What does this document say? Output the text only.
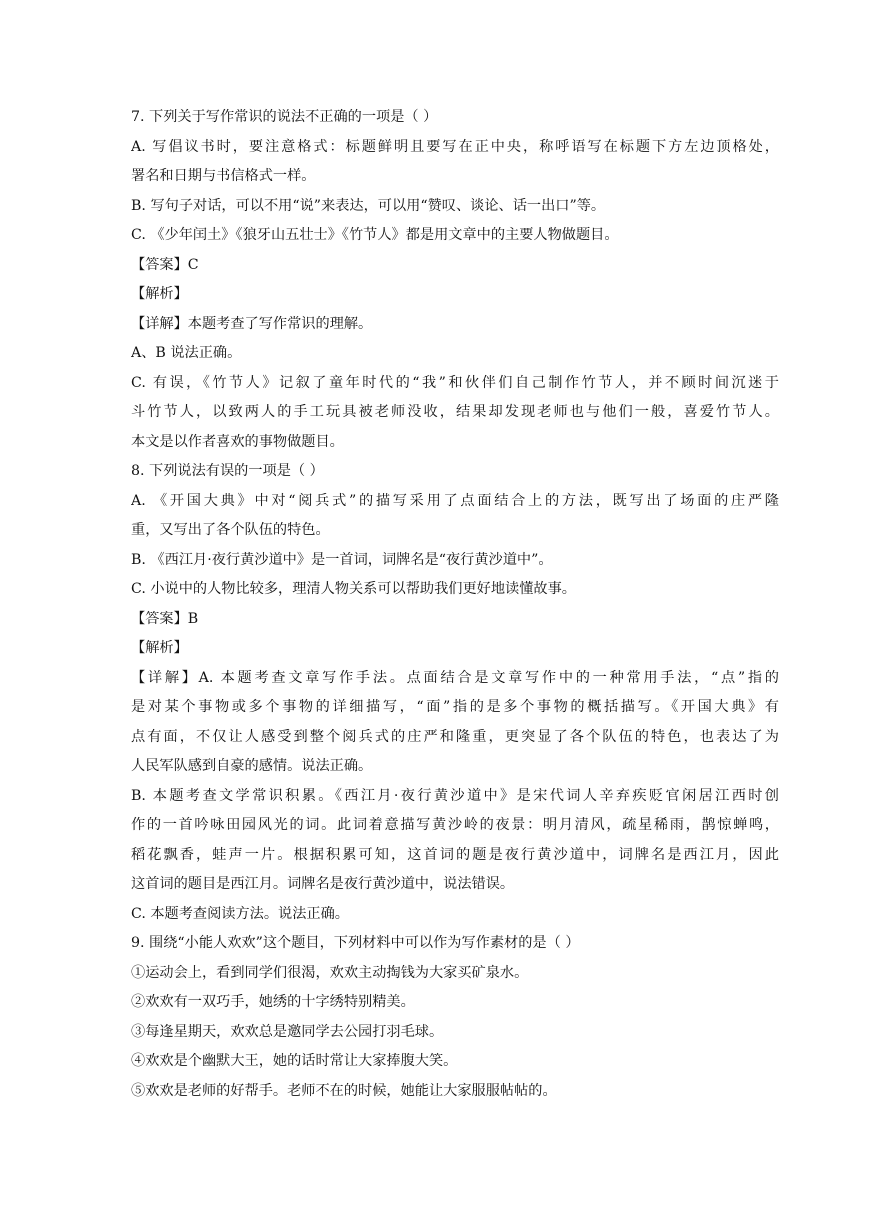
7. 下列关于写作常识的说法不正确的一项是（ ）
A. 写倡议书时，要注意格式：标题鲜明且要写在正中央，称呼语写在标题下方左边顶格处，
署名和日期与书信格式一样。
B. 写句子对话，可以不用“说”来表达，可以用“赞叹、谈论、话一出口”等。
C. 《少年闰土》《狼牙山五壮士》《竹节人》都是用文章中的主要人物做题目。
【答案】C
【解析】
【详解】本题考查了写作常识的理解。
A、B 说法正确。
C. 有误，《竹节人》记叙了童年时代的“我”和伙伴们自己制作竹节人，并不顾时间沉迷于
斗竹节人，以致两人的手工玩具被老师没收，结果却发现老师也与他们一般，喜爱竹节人。
本文是以作者喜欢的事物做题目。
8. 下列说法有误的一项是（ ）
A. 《开国大典》中对“阅兵式”的描写采用了点面结合上的方法，既写出了场面的庄严隆
重，又写出了各个队伍的特色。
B. 《西江月·夜行黄沙道中》是一首词，词牌名是“夜行黄沙道中”。
C. 小说中的人物比较多，理清人物关系可以帮助我们更好地读懂故事。
【答案】B
【解析】
【详解】A. 本题考查文章写作手法。点面结合是文章写作中的一种常用手法，“点”指的
是对某个事物或多个事物的详细描写，“面”指的是多个事物的概括描写。《开国大典》有
点有面，不仅让人感受到整个阅兵式的庄严和隆重，更突显了各个队伍的特色，也表达了为
人民军队感到自豪的感情。说法正确。
B. 本题考查文学常识积累。《西江月·夜行黄沙道中》是宋代词人辛弃疾贬官闲居江西时创
作的一首吟咏田园风光的词。此词着意描写黄沙岭的夜景：明月清风，疏星稀雨，鹊惊蝉鸣，
稻花飘香，蛙声一片。根据积累可知，这首词的题是夜行黄沙道中，词牌名是西江月，因此
这首词的题目是西江月。词牌名是夜行黄沙道中，说法错误。
C. 本题考查阅读方法。说法正确。
9. 围绕“小能人欢欢”这个题目，下列材料中可以作为写作素材的是（ ）
①运动会上，看到同学们很渴，欢欢主动掏钱为大家买矿泉水。
②欢欢有一双巧手，她绣的十字绣特别精美。
③每逢星期天，欢欢总是邀同学去公园打羽毛球。
④欢欢是个幽默大王，她的话时常让大家捧腹大笑。
⑤欢欢是老师的好帮手。老师不在的时候，她能让大家服服帖帖的。
